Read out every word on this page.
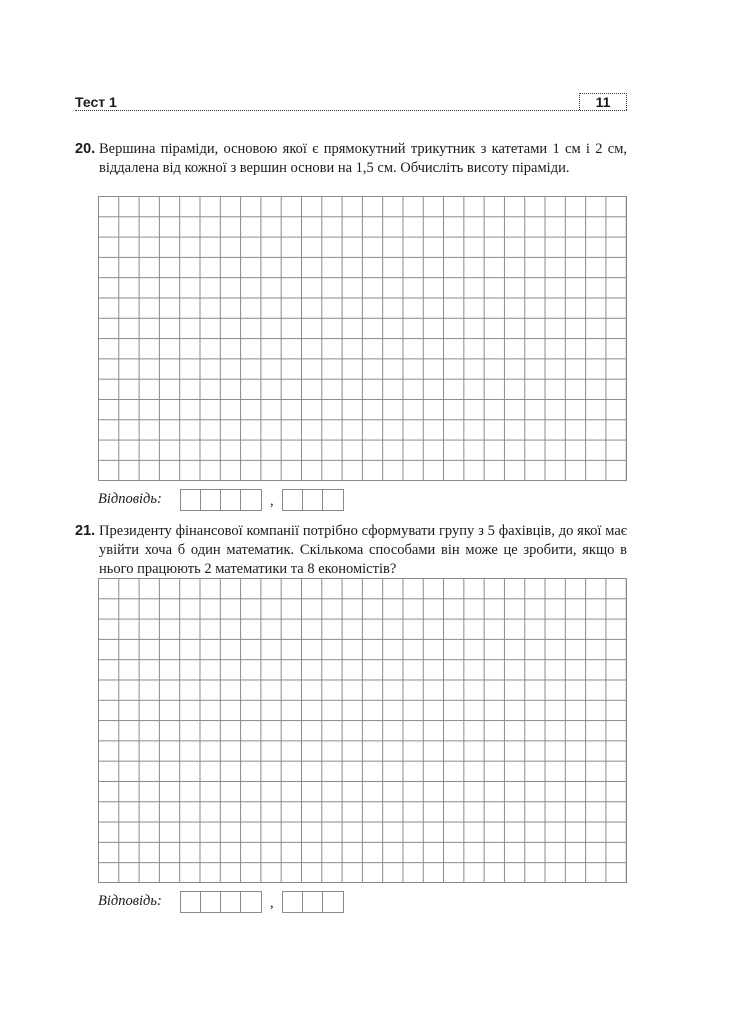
Тест 1	11
20. Вершина піраміди, основою якої є прямокутний трикутник з катетами 1 см і 2 см, віддалена від кожної з вершин основи на 1,5 см. Обчисліть висоту піраміди.
Відповідь:	,
21. Президенту фінансової компанії потрібно сформувати групу з 5 фахівців, до якої має увійти хоча б один математик. Скількома способами він може це зробити, якщо в нього працюють 2 математики та 8 економістів?
Відповідь:	,
